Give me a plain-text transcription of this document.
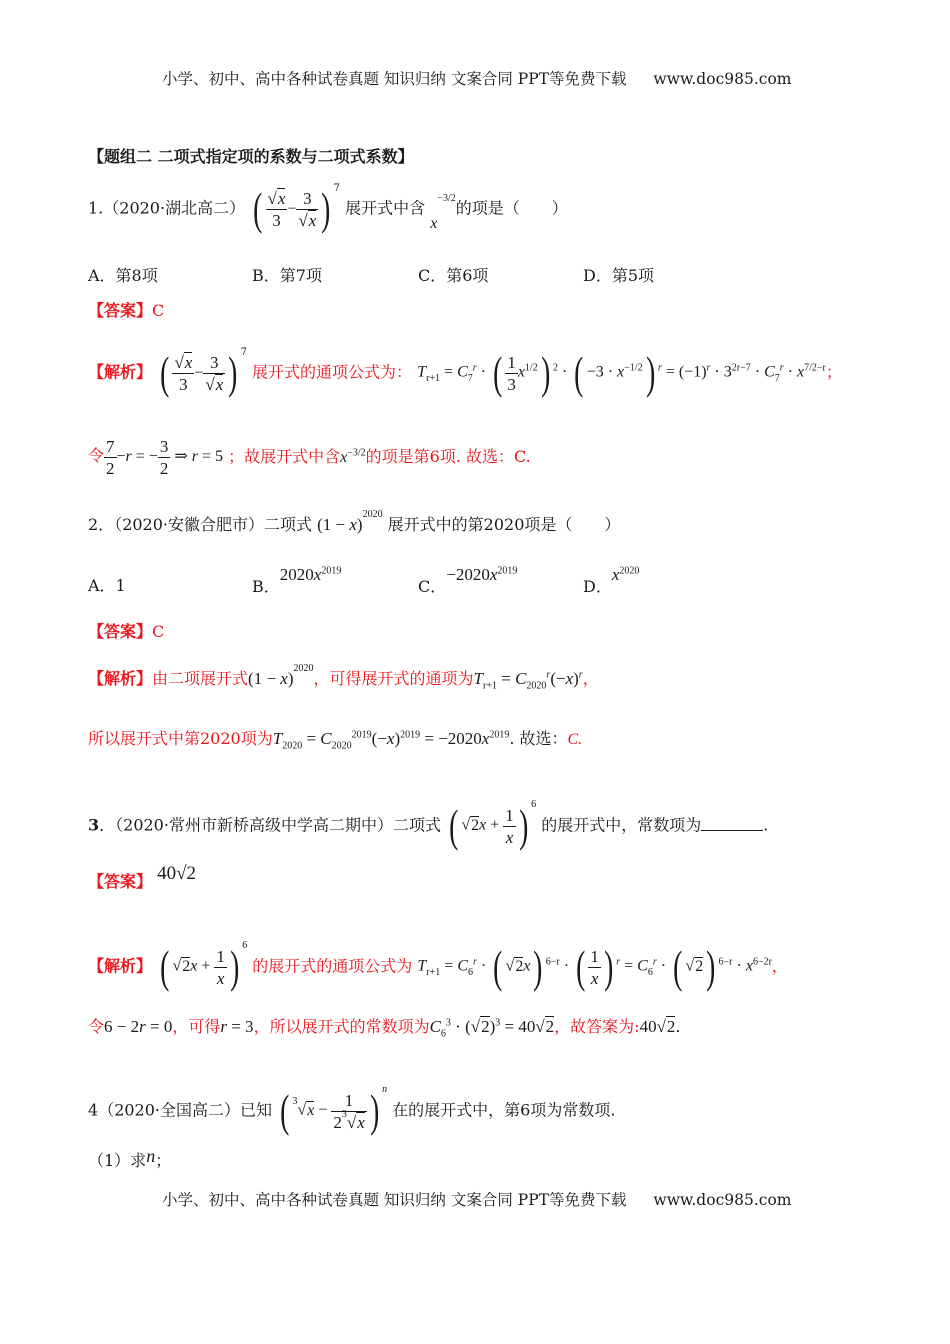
小学、初中、高中各种试卷真题 知识归纳 文案合同 PPT等免费下载 www.doc985.com
【题组二 二项式指定项的系数与二项式系数】
1.（2020·湖北高二） ( $\frac{√x}{3} - \frac{3}{√x}$ ) $^7$ 展开式中含 $x^{-3/2}$的项是（　　）
A．第8项	B．第7项	C．第6项	D．第5项
【答案】C
【解析】 ( $\frac{√x}{3} - \frac{3}{√x}$ ) $^7$ 展开式的通项公式为： $T_{r+1} = C_7^r$ · ( $\frac{1}{3} x^{1/2}$) $^2$ · ( $-3 \cdot x^{-1/2}$) $^r = (-1)^r \cdot 3^{2r-7} \cdot C_7^r \cdot x^{7/2-r}$；
令 $\frac{7}{2} -r$ = − $\frac{3}{2}$ ⇒ r = 5 ；故展开式中含$x^{-3/2}$的项是第6项. 故选：C.
2．（2020·安徽合肥市）二项式 $(1 - x)^{2020}$ 展开式中的第2020项是（　　）
A．1	B．$2020x^{2019}$
C．$-2020x^{2019}$
D．$x^{2020}$
【答案】C
【解析】由二项展开式$(1 - x)^{2020}$，可得展开式的通项为$T_{r+1} = C_{2020}^r(-x)^r$，
所以展开式中第2020项为$T_{2020} = C_{2020}^{2019}(-x)^{2019} = -2020x^{2019}$. 故选：C.
3．（2020·常州市新桥高级中学高二期中）二项式 ( $√2x + \frac{1}{x}$ ) $^6$ 的展开式中，常数项为	.
【答案】 40√2
【解析】 ( $√2x + \frac{1}{x}$ ) $^6$ 的展开式的通项公式为 $T_{r+1} = C_6^r$ · ( √2x) $^{6-r}$ · ( $\frac{1}{x}$ ) $^r = C_6^r$ · ( √2) $^{6-r} \cdot x^{6-2r}$，
令6 − 2r = 0，可得r = 3，所以展开式的常数项为$C_6^3 \cdot (√2)^3 = 40√2$，故答案为:40√2.
4（2020·全国高二）已知 ( $^3√x - \frac{1}{2^3√x}$ ) $^n$ 在的展开式中，第6项为常数项.
（1）求n；
小学、初中、高中各种试卷真题 知识归纳 文案合同 PPT等免费下载 www.doc985.com
